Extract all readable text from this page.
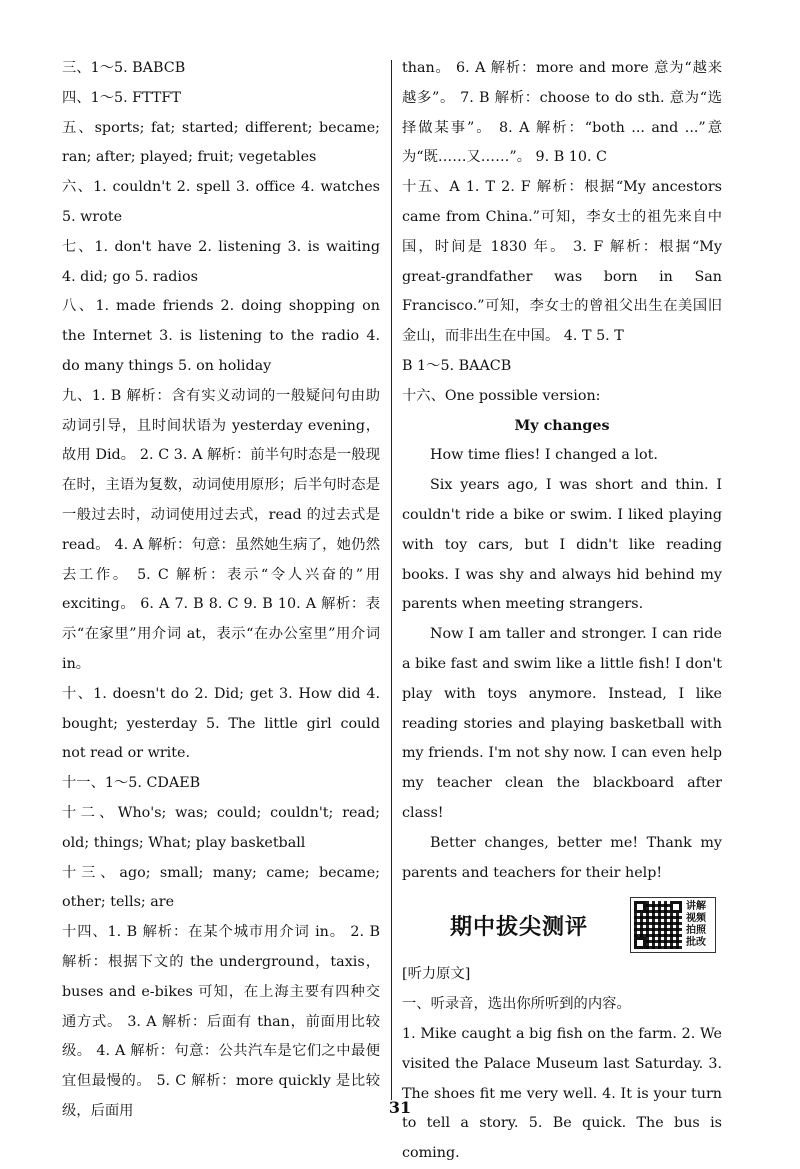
三、1～5. BABCB

四、1～5. FTTFT

五、sports; fat; started; different; became; ran; after; played; fruit; vegetables

六、1. couldn't 2. spell 3. office 4. watches 5. wrote

七、1. don't have 2. listening 3. is waiting 4. did; go 5. radios

八、1. made friends 2. doing shopping on the Internet 3. is listening to the radio 4. do many things 5. on holiday

九、1. B 解析：含有实义动词的一般疑问句由助动词引导，且时间状语为 yesterday evening，故用 Did。 2. C 3. A 解析：前半句时态是一般现在时，主语为复数，动词使用原形；后半句时态是一般过去时，动词使用过去式，read 的过去式是 read。 4. A 解析：句意：虽然她生病了，她仍然去工作。 5. C 解析：表示“令人兴奋的”用 exciting。 6. A 7. B 8. C 9. B 10. A 解析：表示“在家里”用介词 at，表示“在办公室里”用介词 in。

十、1. doesn't do 2. Did; get 3. How did 4. bought; yesterday 5. The little girl could not read or write.

十一、1～5. CDAEB

十二、Who's; was; could; couldn't; read; old; things; What; play basketball

十三、ago; small; many; came; became; other; tells; are

十四、1. B 解析：在某个城市用介词 in。 2. B 解析：根据下文的 the underground，taxis，buses and e-bikes 可知，在上海主要有四种交通方式。 3. A 解析：后面有 than，前面用比较级。 4. A 解析：句意：公共汽车是它们之中最便宜但最慢的。 5. C 解析：more quickly 是比较级，后面用

than。 6. A 解析：more and more 意为“越来越多”。 7. B 解析：choose to do sth. 意为“选择做某事”。 8. A 解析：“both ... and ...”意为“既……又……”。 9. B 10. C

十五、A 1. T 2. F 解析：根据“My ancestors came from China.”可知，李女士的祖先来自中国，时间是 1830 年。 3. F 解析：根据“My great-grandfather was born in San Francisco.”可知，李女士的曾祖父出生在美国旧金山，而非出生在中国。 4. T 5. T

B 1～5. BAACB

十六、One possible version:

My changes

How time flies! I changed a lot.

Six years ago, I was short and thin. I couldn't ride a bike or swim. I liked playing with toy cars, but I didn't like reading books. I was shy and always hid behind my parents when meeting strangers.

Now I am taller and stronger. I can ride a bike fast and swim like a little fish! I don't play with toys anymore. Instead, I like reading stories and playing basketball with my friends. I'm not shy now. I can even help my teacher clean the blackboard after class!

Better changes, better me! Thank my parents and teachers for their help!

期中拔尖测评
讲解视频拍照批改

[听力原文]

一、听录音，选出你所听到的内容。

1. Mike caught a big fish on the farm. 2. We visited the Palace Museum last Saturday. 3. The shoes fit me very well. 4. It is your turn to tell a story. 5. Be quick. The bus is coming.

31
